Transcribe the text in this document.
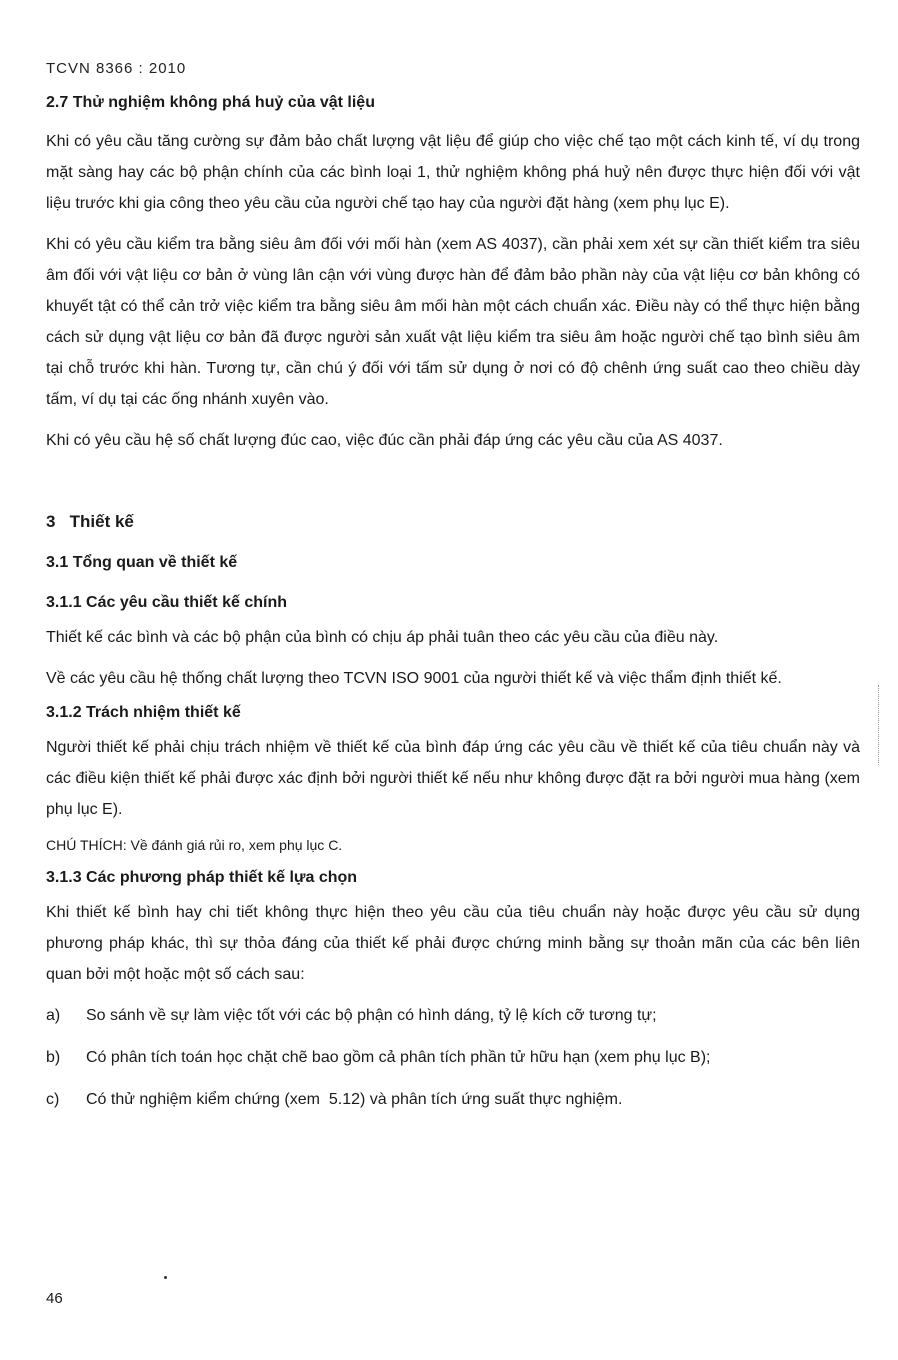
TCVN 8366 : 2010
2.7 Thử nghiệm không phá huỷ của vật liệu

Khi có yêu cầu tăng cường sự đảm bảo chất lượng vật liệu để giúp cho việc chế tạo một cách kinh tế, ví dụ trong mặt sàng hay các bộ phận chính của các bình loại 1, thử nghiệm không phá huỷ nên được thực hiện đối với vật liệu trước khi gia công theo yêu cầu của người chế tạo hay của người đặt hàng (xem phụ lục E).

Khi có yêu cầu kiểm tra bằng siêu âm đối với mối hàn (xem AS 4037), cần phải xem xét sự cần thiết kiểm tra siêu âm đối với vật liệu cơ bản ở vùng lân cận với vùng được hàn để đảm bảo phần này của vật liệu cơ bản không có khuyết tật có thể cản trở việc kiểm tra bằng siêu âm mối hàn một cách chuẩn xác. Điều này có thể thực hiện bằng cách sử dụng vật liệu cơ bản đã được người sản xuất vật liệu kiểm tra siêu âm hoặc người chế tạo bình siêu âm tại chỗ trước khi hàn. Tương tự, cần chú ý đối với tấm sử dụng ở nơi có độ chênh ứng suất cao theo chiều dày tấm, ví dụ tại các ống nhánh xuyên vào.

Khi có yêu cầu hệ số chất lượng đúc cao, việc đúc cần phải đáp ứng các yêu cầu của AS 4037.

3   Thiết kế
3.1 Tổng quan về thiết kế
3.1.1 Các yêu cầu thiết kế chính

Thiết kế các bình và các bộ phận của bình có chịu áp phải tuân theo các yêu cầu của điều này.

Về các yêu cầu hệ thống chất lượng theo TCVN ISO 9001 của người thiết kế và việc thẩm định thiết kế.

3.1.2 Trách nhiệm thiết kế

Người thiết kế phải chịu trách nhiệm về thiết kế của bình đáp ứng các yêu cầu về thiết kế của tiêu chuẩn này và các điều kiện thiết kế phải được xác định bởi người thiết kế nếu như không được đặt ra bởi người mua hàng (xem phụ lục E).

CHÚ THÍCH: Về đánh giá rủi ro, xem phụ lục C.

3.1.3 Các phương pháp thiết kế lựa chọn

Khi thiết kế bình hay chi tiết không thực hiện theo yêu cầu của tiêu chuẩn này hoặc được yêu cầu sử dụng phương pháp khác, thì sự thỏa đáng của thiết kế phải được chứng minh bằng sự thoản mãn của các bên liên quan bởi một hoặc một số cách sau:

a)	So sánh về sự làm việc tốt với các bộ phận có hình dáng, tỷ lệ kích cỡ tương tự;
b)	Có phân tích toán học chặt chẽ bao gồm cả phân tích phần tử hữu hạn (xem phụ lục B);
c)	Có thử nghiệm kiểm chứng (xem  5.12) và phân tích ứng suất thực nghiệm.
46
